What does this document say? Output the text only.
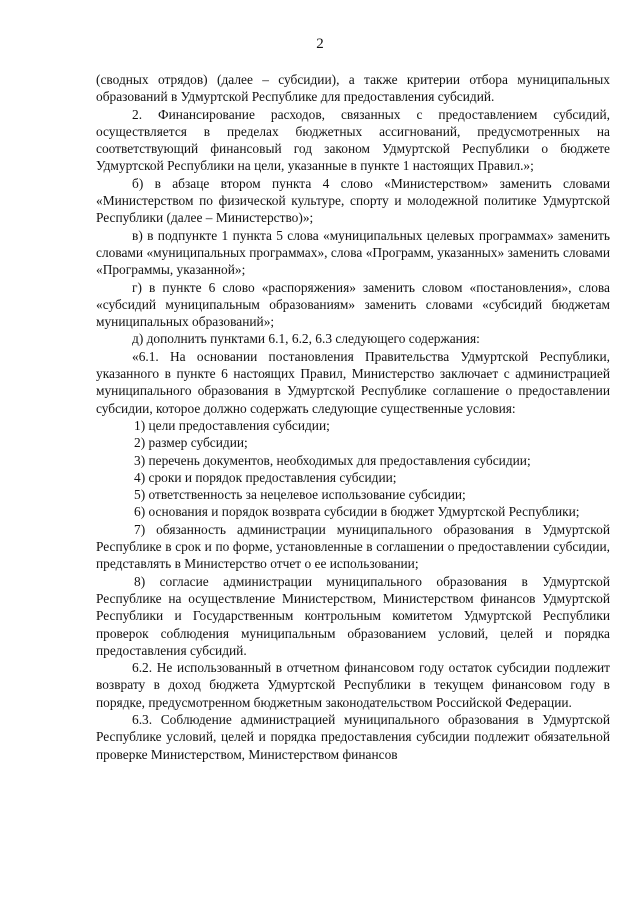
2

(сводных отрядов) (далее – субсидии), а также критерии отбора муниципальных образований в Удмуртской Республике для предоставления субсидий.

2. Финансирование расходов, связанных с предоставлением субсидий, осуществляется в пределах бюджетных ассигнований, предусмотренных на соответствующий финансовый год законом Удмуртской Республики о бюджете Удмуртской Республики на цели, указанные в пункте 1 настоящих Правил.»;

б) в абзаце втором пункта 4 слово «Министерством» заменить словами «Министерством по физической культуре, спорту и молодежной политике Удмуртской Республики (далее – Министерство)»;

в) в подпункте 1 пункта 5 слова «муниципальных целевых программах» заменить словами «муниципальных программах», слова «Программ, указанных» заменить словами «Программы, указанной»;

г) в пункте 6 слово «распоряжения» заменить словом «постановления», слова «субсидий муниципальным образованиям» заменить словами «субсидий бюджетам муниципальных образований»;

д) дополнить пунктами 6.1, 6.2, 6.3 следующего содержания:

«6.1. На основании постановления Правительства Удмуртской Республики, указанного в пункте 6 настоящих Правил, Министерство заключает с администрацией муниципального образования в Удмуртской Республике соглашение о предоставлении субсидии, которое должно содержать следующие существенные условия:

1) цели предоставления субсидии;

2) размер субсидии;

3) перечень документов, необходимых для предоставления субсидии;

4) сроки и порядок предоставления субсидии;

5) ответственность за нецелевое использование субсидии;

6) основания и порядок возврата субсидии в бюджет Удмуртской Республики;

7) обязанность администрации муниципального образования в Удмуртской Республике в срок и по форме, установленные в соглашении о предоставлении субсидии, представлять в Министерство отчет о ее использовании;

8) согласие администрации муниципального образования в Удмуртской Республике на осуществление Министерством, Министерством финансов Удмуртской Республики и Государственным контрольным комитетом Удмуртской Республики проверок соблюдения муниципальным образованием условий, целей и порядка предоставления субсидий.

6.2. Не использованный в отчетном финансовом году остаток субсидии подлежит возврату в доход бюджета Удмуртской Республики в текущем финансовом году в порядке, предусмотренном бюджетным законодательством Российской Федерации.

6.3. Соблюдение администрацией муниципального образования в Удмуртской Республике условий, целей и порядка предоставления субсидии подлежит обязательной проверке Министерством, Министерством финансов
